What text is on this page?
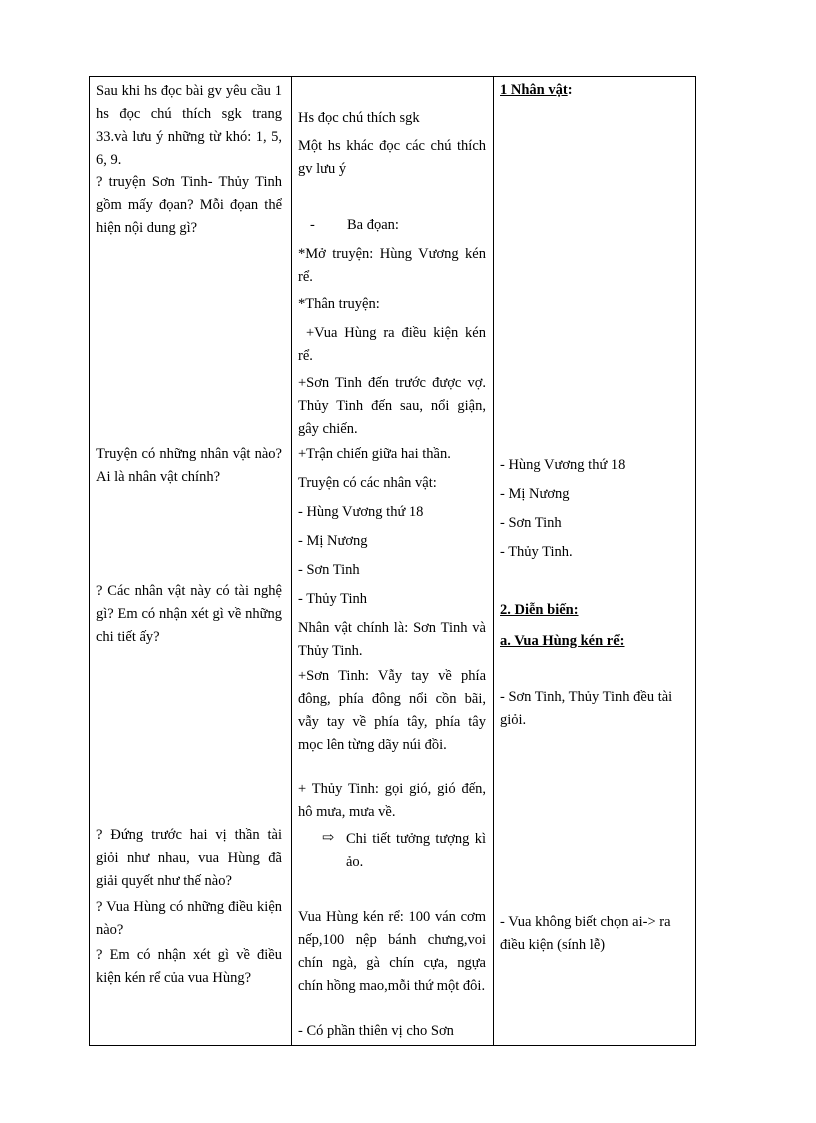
Sau khi hs đọc bài gv yêu cầu 1 hs đọc chú thích sgk trang 33.và lưu ý những từ khó: 1, 5, 6, 9.
? truyện Sơn Tinh- Thủy Tinh gồm mấy đọan? Mỗi đọan thể hiện nội dung gì?
Truyện có những nhân vật nào? Ai là nhân vật chính?
? Các nhân vật này có tài nghệ gì? Em có nhận xét gì về những chi tiết ấy?
? Đứng trước hai vị thần tài giỏi như nhau, vua Hùng đã giải quyết như thế nào?
? Vua Hùng có những điều kiện nào?
? Em có nhận xét gì về điều kiện kén rể của vua Hùng?
Hs đọc chú thích sgk
Một hs khác đọc các chú thích gv lưu ý
- Ba đọan:
*Mở truyện: Hùng Vương kén rể.
*Thân truyện:
+Vua Hùng ra điều kiện kén rể.
+Sơn Tinh đến trước được vợ. Thủy Tinh đến sau, nổi giận, gây chiến.
+Trận chiến giữa hai thần.
Truyện có các nhân vật:
- Hùng Vương thứ 18
- Mị Nương
- Sơn Tinh
- Thủy Tinh
Nhân vật chính là: Sơn Tinh và Thủy Tinh.
+Sơn Tinh: Vẫy tay về phía đông, phía đông nổi cồn bãi, vẫy tay về phía tây, phía tây mọc lên từng dãy núi đồi.
+ Thủy Tinh: gọi gió, gió đến, hô mưa, mưa về.
⇨ Chi tiết tưởng tượng kì ảo.
Vua Hùng kén rể: 100 ván cơm nếp,100 nệp bánh chưng,voi chín ngà, gà chín cựa, ngựa chín hồng mao,mỗi thứ một đôi.
- Có phần thiên vị cho Sơn
1 Nhân vật:
- Hùng Vương thứ 18
- Mị Nương
- Sơn Tinh
- Thủy Tinh.
2. Diễn biến:
a. Vua Hùng kén rể:
- Sơn Tinh, Thủy Tinh đều tài giỏi.
- Vua không biết chọn ai-> ra điều kiện (sính lễ)
